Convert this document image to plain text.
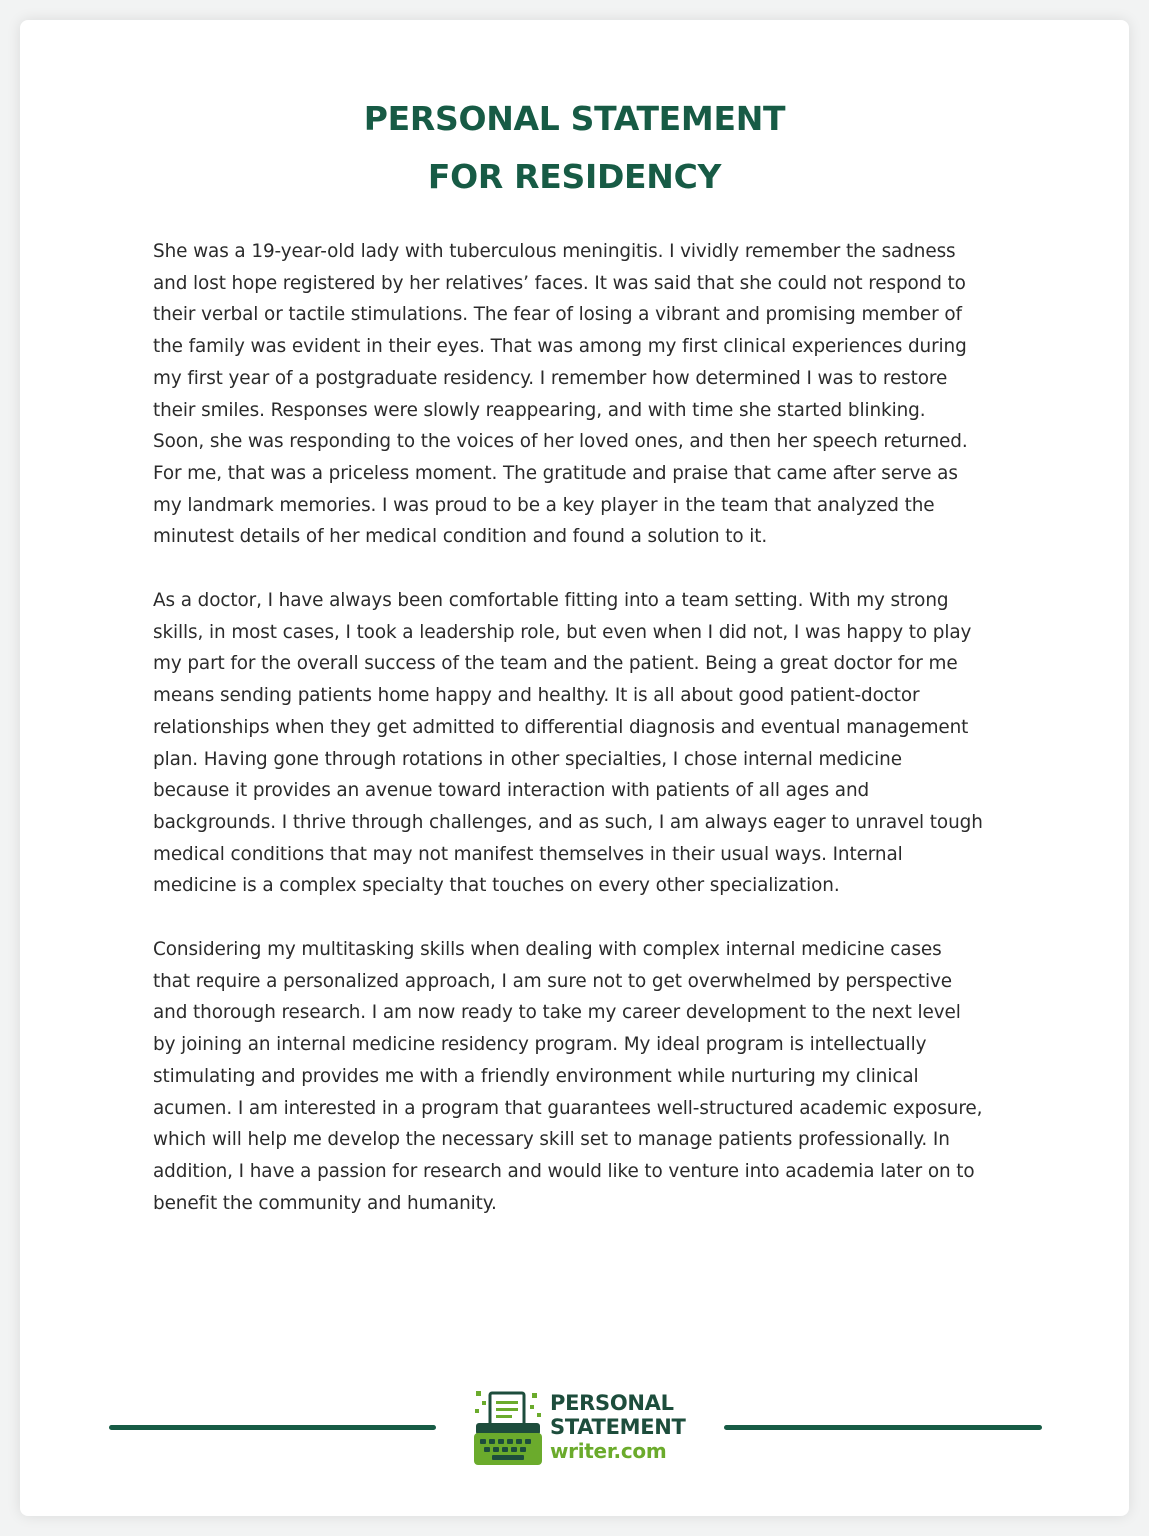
PERSONAL STATEMENT
FOR RESIDENCY

She was a 19-year-old lady with tuberculous meningitis. I vividly remember the sadness
and lost hope registered by her relatives’ faces. It was said that she could not respond to
their verbal or tactile stimulations. The fear of losing a vibrant and promising member of
the family was evident in their eyes. That was among my first clinical experiences during
my first year of a postgraduate residency. I remember how determined I was to restore
their smiles. Responses were slowly reappearing, and with time she started blinking.
Soon, she was responding to the voices of her loved ones, and then her speech returned.
For me, that was a priceless moment. The gratitude and praise that came after serve as
my landmark memories. I was proud to be a key player in the team that analyzed the
minutest details of her medical condition and found a solution to it.

As a doctor, I have always been comfortable fitting into a team setting. With my strong
skills, in most cases, I took a leadership role, but even when I did not, I was happy to play
my part for the overall success of the team and the patient. Being a great doctor for me
means sending patients home happy and healthy. It is all about good patient-doctor
relationships when they get admitted to differential diagnosis and eventual management
plan. Having gone through rotations in other specialties, I chose internal medicine
because it provides an avenue toward interaction with patients of all ages and
backgrounds. I thrive through challenges, and as such, I am always eager to unravel tough
medical conditions that may not manifest themselves in their usual ways. Internal
medicine is a complex specialty that touches on every other specialization.

Considering my multitasking skills when dealing with complex internal medicine cases
that require a personalized approach, I am sure not to get overwhelmed by perspective
and thorough research. I am now ready to take my career development to the next level
by joining an internal medicine residency program. My ideal program is intellectually
stimulating and provides me with a friendly environment while nurturing my clinical
acumen. I am interested in a program that guarantees well-structured academic exposure,
which will help me develop the necessary skill set to manage patients professionally. In
addition, I have a passion for research and would like to venture into academia later on to
benefit the community and humanity.

PERSONAL
STATEMENT
writer.com
